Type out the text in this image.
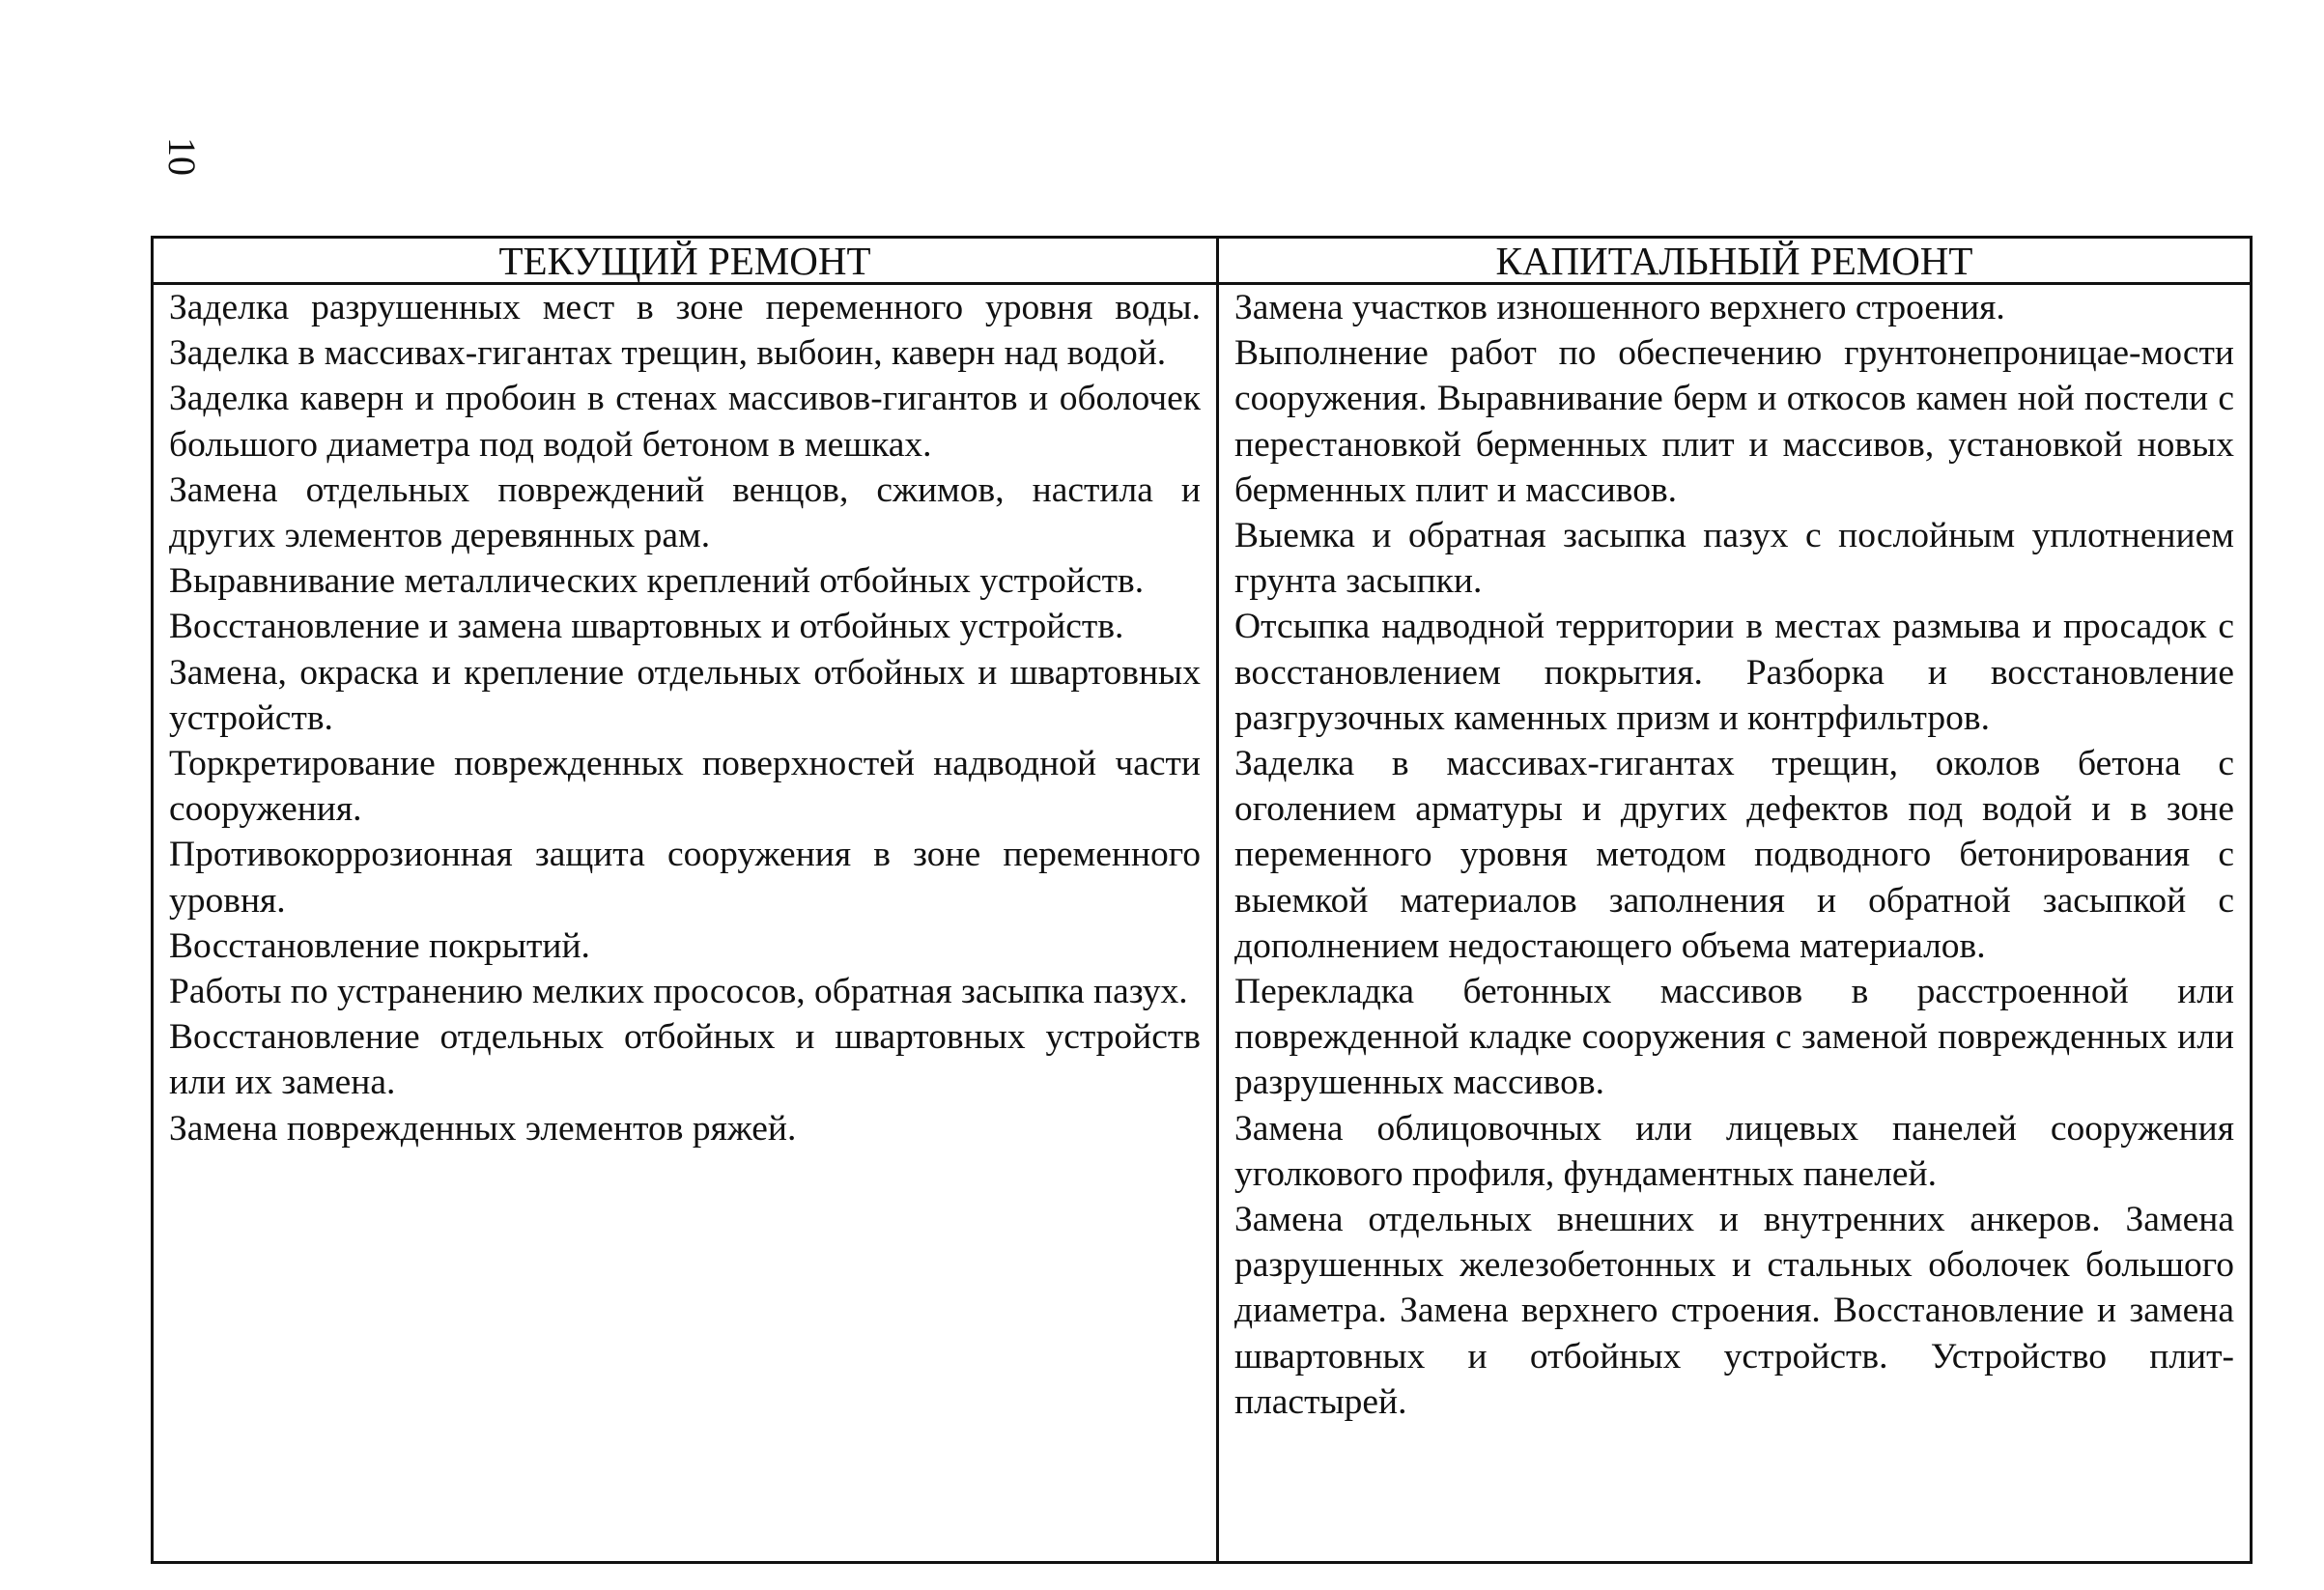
10
ТЕКУЩИЙ РЕМОНТ	КАПИТАЛЬНЫЙ РЕМОНТ

Заделка разрушенных мест в зоне переменного уровня воды. Заделка в массивах-гигантах трещин, выбоин, каверн над водой.

Заделка каверн и пробоин в стенах массивов-гигантов и оболочек большого диаметра под водой бетоном в мешках.

Замена отдельных повреждений венцов, сжимов, настила и других элементов деревянных рам.

Выравнивание металлических креплений отбойных устройств.

Восстановление и замена швартовных и отбойных устройств.

Замена, окраска и крепление отдельных отбойных и швартовных устройств.

Торкретирование поврежденных поверхностей надводной части сооружения.

Противокоррозионная защита сооружения в зоне переменного уровня.

Восстановление покрытий.

Работы по устранению мелких прососов, обратная засыпка пазух.

Восстановление отдельных отбойных и швартовных устройств или их замена.

Замена поврежденных элементов ряжей.

Замена участков изношенного верхнего строения.

Выполнение работ по обеспечению грунтонепроницае-мости сооружения. Выравнивание берм и откосов камен ной постели с перестановкой берменных плит и массивов, установкой новых берменных плит и массивов.

Выемка и обратная засыпка пазух с послойным уплотнением грунта засыпки.

Отсыпка надводной территории в местах размыва и просадок с восстановлением покрытия. Разборка и восстановление разгрузочных каменных призм и контрфильтров.

Заделка в массивах-гигантах трещин, околов бетона с оголением арматуры и других дефектов под водой и в зоне переменного уровня методом подводного бетонирования с выемкой материалов заполнения и обратной засыпкой с дополнением недостающего объема материалов.

Перекладка бетонных массивов в расстроенной или поврежденной кладке сооружения с заменой поврежденных или разрушенных массивов.

Замена облицовочных или лицевых панелей сооружения уголкового профиля, фундаментных панелей.

Замена отдельных внешних и внутренних анкеров. Замена разрушенных железобетонных и стальных оболочек большого диаметра. Замена верхнего строения. Восстановление и замена швартовных и отбойных устройств. Устройство плит-пластырей.
